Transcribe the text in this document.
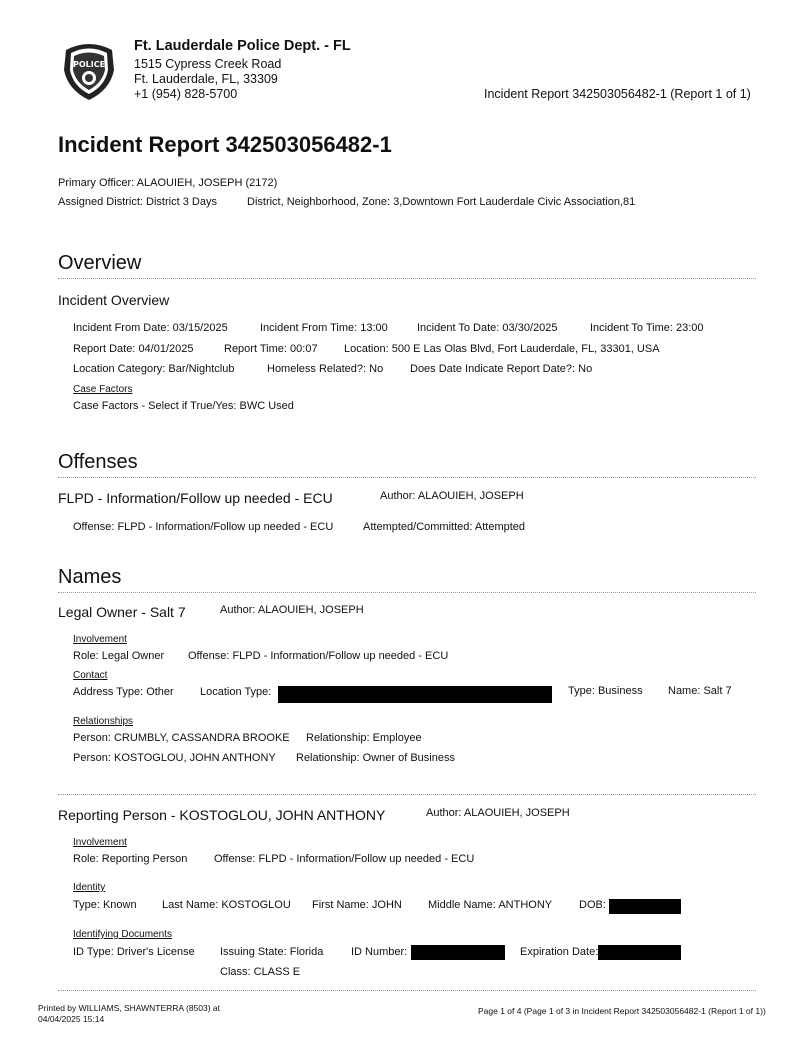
POLICE
Ft. Lauderdale Police Dept. - FL
1515 Cypress Creek Road
Ft. Lauderdale, FL, 33309
+1 (954) 828-5700	Incident Report 342503056482-1 (Report 1 of 1)
Incident Report 342503056482-1
Primary Officer: ALAOUIEH, JOSEPH (2172)
Assigned District: District 3 Days	District, Neighborhood, Zone: 3,Downtown Fort Lauderdale Civic Association,81
Overview
Incident Overview
Incident From Date: 03/15/2025	Incident From Time: 13:00	Incident To Date: 03/30/2025	Incident To Time: 23:00
Report Date: 04/01/2025	Report Time: 00:07 Location: 500 E Las Olas Blvd, Fort Lauderdale, FL, 33301, USA
Location Category: Bar/Nightclub	Homeless Related?: No Does Date Indicate Report Date?: No
Case Factors
Case Factors - Select if True/Yes: BWC Used
Offenses
FLPD - Information/Follow up needed - ECU	Author: ALAOUIEH, JOSEPH
Offense: FLPD - Information/Follow up needed - ECU	Attempted/Committed: Attempted
Names
Legal Owner - Salt 7	Author: ALAOUIEH, JOSEPH
Involvement
Role: Legal Owner Offense: FLPD - Information/Follow up needed - ECU
Contact
Address Type: Other Location Type:	Type: Business Name: Salt 7
Relationships
Person: CRUMBLY, CASSANDRA BROOKE Relationship: Employee
Person: KOSTOGLOU, JOHN ANTHONY Relationship: Owner of Business
Reporting Person - KOSTOGLOU, JOHN ANTHONY	Author: ALAOUIEH, JOSEPH
Involvement
Role: Reporting Person Offense: FLPD - Information/Follow up needed - ECU
Identity
Type: Known Last Name: KOSTOGLOU First Name: JOHN Middle Name: ANTHONY DOB:
Identifying Documents
ID Type: Driver's License Issuing State: Florida	ID Number:	Expiration Date:
Class: CLASS E
Printed by WILLIAMS, SHAWNTERRA (8503) at
04/04/2025 15:14
Page 1 of 4 (Page 1 of 3 in Incident Report 342503056482-1 (Report 1 of 1))
